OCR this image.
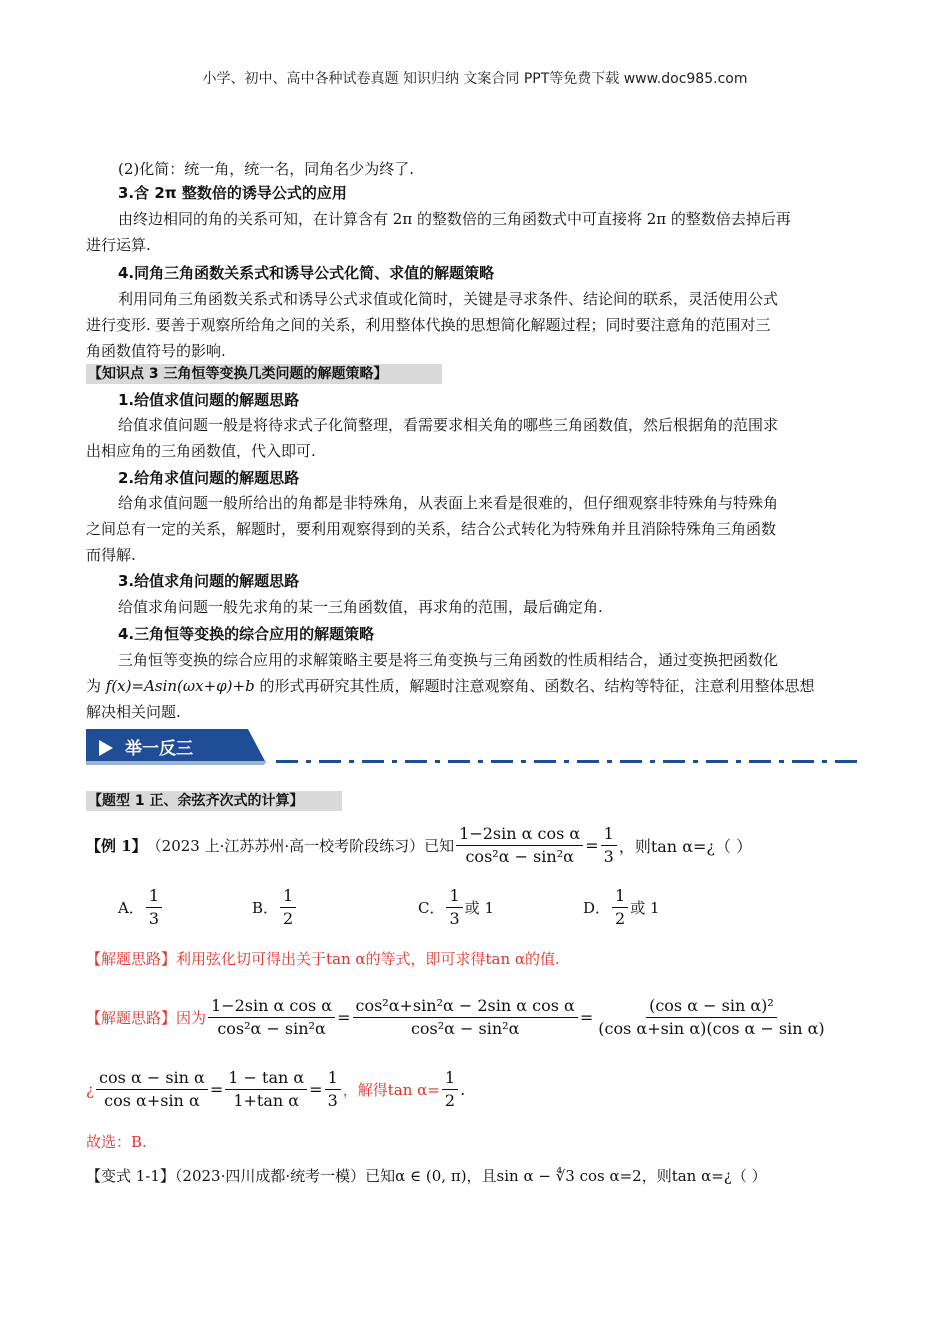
小学、初中、高中各种试卷真题 知识归纳 文案合同 PPT等免费下载 www.doc985.com
(2)化简：统一角，统一名，同角名少为终了.
3.含 2π 整数倍的诱导公式的应用
由终边相同的角的关系可知，在计算含有 2π 的整数倍的三角函数式中可直接将 2π 的整数倍去掉后再
进行运算.
4.同角三角函数关系式和诱导公式化简、求值的解题策略
利用同角三角函数关系式和诱导公式求值或化简时，关键是寻求条件、结论间的联系，灵活使用公式
进行变形. 要善于观察所给角之间的关系，利用整体代换的思想简化解题过程；同时要注意角的范围对三
角函数值符号的影响.
【知识点 3 三角恒等变换几类问题的解题策略】
1.给值求值问题的解题思路
给值求值问题一般是将待求式子化简整理，看需要求相关角的哪些三角函数值，然后根据角的范围求
出相应角的三角函数值，代入即可.
2.给角求值问题的解题思路
给角求值问题一般所给出的角都是非特殊角，从表面上来看是很难的，但仔细观察非特殊角与特殊角
之间总有一定的关系，解题时，要利用观察得到的关系，结合公式转化为特殊角并且消除特殊角三角函数
而得解.
3.给值求角问题的解题思路
给值求角问题一般先求角的某一三角函数值，再求角的范围，最后确定角.
4.三角恒等变换的综合应用的解题策略
三角恒等变换的综合应用的求解策略主要是将三角变换与三角函数的性质相结合，通过变换把函数化
为 f(x)=Asin(ωx+φ)+b 的形式再研究其性质，解题时注意观察角、函数名、结构等特征，注意利用整体思想
解决相关问题.
举一反三
【题型 1 正、余弦齐次式的计算】
【例 1】 （2023 上·江苏苏州·高一校考阶段练习）已知 $\frac{\text{1−2sin α cos α}}{\text{cos²α − sin²α}} = \frac{1}{3}$ ，则tan α=¿（ ）
A． $\frac{1}{3}$	B． $\frac{1}{2}$	C． $\frac{1}{3}$ 或 1	D． $\frac{1}{2}$ 或 1
【解题思路】利用弦化切可得出关于tan α的等式，即可求得tan α的值.
【解题思路】因为 $\frac{\text{1−2sin α cos α}}{\text{cos²α − sin²α}} = \frac{\text{cos²α+sin²α − 2sin α cos α}}{\text{cos²α − sin²α}} = \frac{\text{(cos α − sin α)²}}{\text{(cos α+sin α)(cos α − sin α)}}$
¿ $\frac{\text{cos α − sin α}}{\text{cos α+sin α}} = \frac{\text{1 − tan α}}{\text{1+tan α}} = \frac{1}{3}$ ，解得$\tan \alpha= \frac{1}{2}$ .
故选：B.
【变式 1-1】（2023·四川成都·统考一模）已知α ∈ (0, π)，且sin α − ∜3 cos α=2，则tan α=¿（ ）
